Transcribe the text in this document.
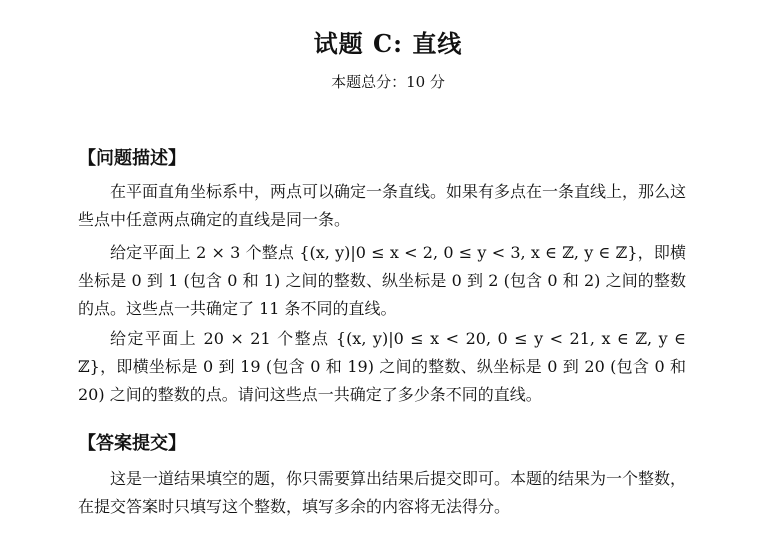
试题 C: 直线
本题总分：10 分
【问题描述】

在平面直角坐标系中，两点可以确定一条直线。如果有多点在一条直线上，那么这些点中任意两点确定的直线是同一条。

给定平面上 2 × 3 个整点 {(x, y)|0 ≤ x < 2, 0 ≤ y < 3, x ∈ ℤ, y ∈ ℤ}，即横坐标是 0 到 1 (包含 0 和 1) 之间的整数、纵坐标是 0 到 2 (包含 0 和 2) 之间的整数的点。这些点一共确定了 11 条不同的直线。

给定平面上 20 × 21 个整点 {(x, y)|0 ≤ x < 20, 0 ≤ y < 21, x ∈ ℤ, y ∈ ℤ}，即横坐标是 0 到 19 (包含 0 和 19) 之间的整数、纵坐标是 0 到 20 (包含 0 和 20) 之间的整数的点。请问这些点一共确定了多少条不同的直线。

【答案提交】

这是一道结果填空的题，你只需要算出结果后提交即可。本题的结果为一个整数，在提交答案时只填写这个整数，填写多余的内容将无法得分。
